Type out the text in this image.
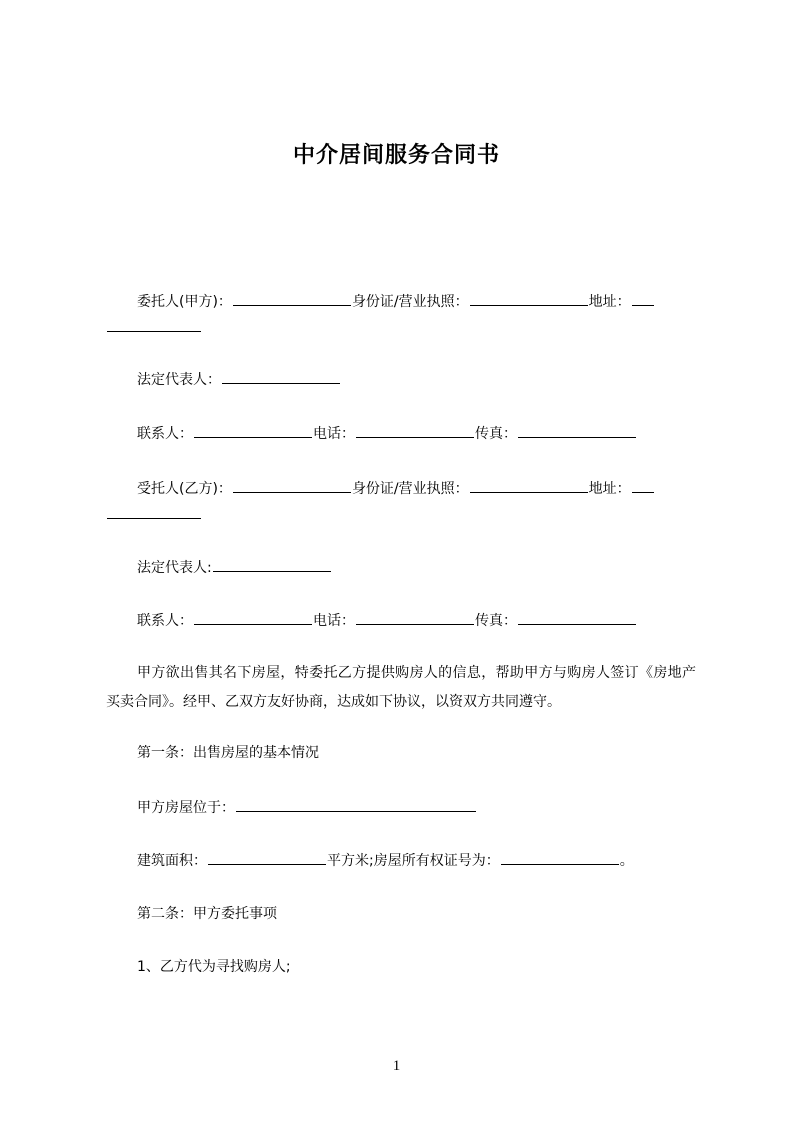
中介居间服务合同书
委托人(甲方)：	身份证/营业执照：	地址：
法定代表人：
联系人：	电话：	传真：
受托人(乙方)：	身份证/营业执照：	地址：
法定代表人:
联系人：	电话：	传真：
甲方欲出售其名下房屋，特委托乙方提供购房人的信息，帮助甲方与购房人签订《房地产买卖合同》。经甲、乙双方友好协商，达成如下协议，以资双方共同遵守。
第一条：出售房屋的基本情况
甲方房屋位于：
建筑面积：	平方米;房屋所有权证号为：	。
第二条：甲方委托事项
1、乙方代为寻找购房人;
1
